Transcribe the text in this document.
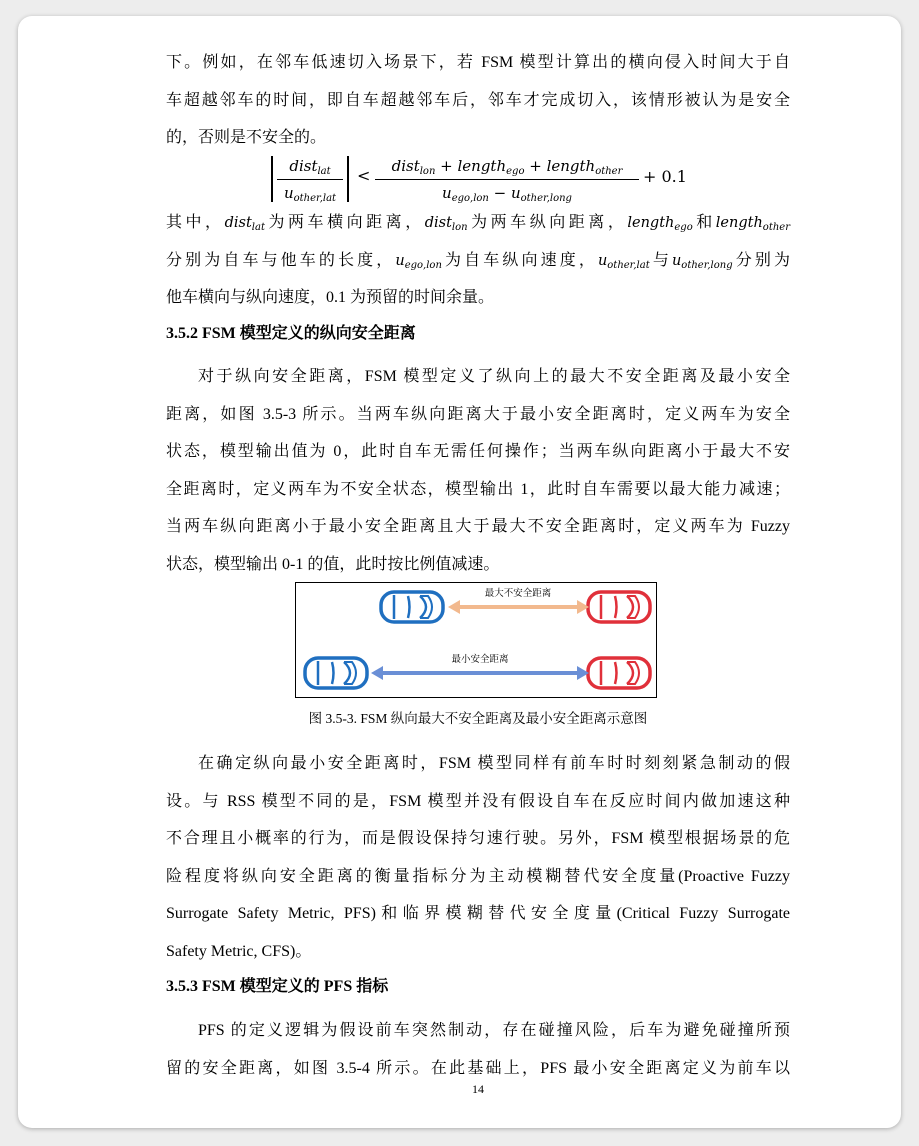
下。例如，在邻车低速切入场景下，若 FSM 模型计算出的横向侵入时间大于自
车超越邻车的时间，即自车超越邻车后，邻车才完成切入，该情形被认为是安全
的，否则是不安全的。
dist$_{lat}$
$u_{other,lat}$
<	dist$_{lon}$ + length$_{ego}$ + length$_{other}$
$u_{ego,lon} - u_{other,long}$
+ 0.1
其中，dist$_{lat}$为两车横向距离，dist$_{lon}$为两车纵向距离，length$_{ego}$和length$_{other}$
分别为自车与他车的长度，$u_{ego,lon}$为自车纵向速度，$u_{other,lat}$与$u_{other,long}$分别为
他车横向与纵向速度，0.1 为预留的时间余量。
3.5.2 FSM 模型定义的纵向安全距离
对于纵向安全距离，FSM 模型定义了纵向上的最大不安全距离及最小安全
距离，如图 3.5-3 所示。当两车纵向距离大于最小安全距离时，定义两车为安全
状态，模型输出值为 0，此时自车无需任何操作；当两车纵向距离小于最大不安
全距离时，定义两车为不安全状态，模型输出 1，此时自车需要以最大能力减速；
当两车纵向距离小于最小安全距离且大于最大不安全距离时，定义两车为 Fuzzy
状态，模型输出 0-1 的值，此时按比例值减速。
最大不安全距离
最小安全距离
图 3.5-3. FSM 纵向最大不安全距离及最小安全距离示意图
在确定纵向最小安全距离时，FSM 模型同样有前车时时刻刻紧急制动的假
设。与 RSS 模型不同的是，FSM 模型并没有假设自车在反应时间内做加速这种
不合理且小概率的行为，而是假设保持匀速行驶。另外，FSM 模型根据场景的危
险程度将纵向安全距离的衡量指标分为主动模糊替代安全度量(Proactive Fuzzy
Surrogate Safety Metric, PFS)和临界模糊替代安全度量(Critical Fuzzy Surrogate
Safety Metric, CFS)。
3.5.3 FSM 模型定义的 PFS 指标
PFS 的定义逻辑为假设前车突然制动，存在碰撞风险，后车为避免碰撞所预
留的安全距离，如图 3.5-4 所示。在此基础上，PFS 最小安全距离定义为前车以
14
